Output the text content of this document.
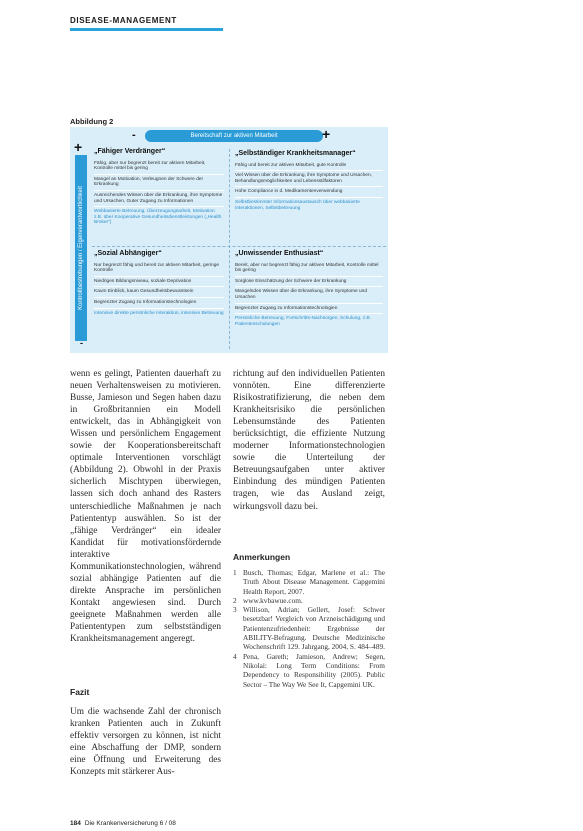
DISEASE-MANAGEMENT
Abbildung 2
-	Bereitschaft zur aktiven Mitarbeit	+
+
Kontrollbestrebungen / Eigenverantwortlichkeit
-
„Fähiger Verdränger“
Fähig, aber nur begrenzt bereit zur aktiven Mitarbeit, Kontrolle mittel bis gering
Mangel an Motivation, Verleugnen der Schwere der Erkrankung
Ausreichendes Wissen über die Erkrankung, ihre Symptome und Ursachen, Guter Zugang zu Informationen
Webbasierte Betreuung, Überzeugungsarbeit, Motivation z.B. über Kooperative Gesundheitsdienstleistungen („Health Broker“)
„Selbständiger Krankheitsmanager“
Fähig und bereit zur aktiven Mitarbeit, gute Kontrolle
Viel Wissen über die Erkrankung, ihre Symptome und Ursachen, Behandlungsmöglichkeiten und Lebensstilfaktoren
Hohe Compliance in d. Medikamentenverwendung
Selbstbestimmter Informationsaustausch über webbasierte Interaktionen, Selbstbetreuung
„Sozial Abhängiger“
Nur begrenzt fähig und bereit zur aktiven Mitarbeit, geringe Kontrolle
Niedriges Bildungsniveau, soziale Deprivation
Kaum Einblick, kaum Gesundheitsbewusstsein
Begrenzter Zugang zu Informationstechnologien
Intensive direkte persönliche Interaktion, intensive Betreuung
„Unwissender Enthusiast“
Bereit, aber nur begrenzt fähig zur aktiven Mitarbeit, Kontrolle mittel bis gering
Sorglose Einschätzung der Schwere der Erkrankung
Mangelndes Wissen über die Erkrankung, ihre Symptome und Ursachen
Begrenzter Zugang zu Informationstechnologien
Persönliche Betreuung, Fortschritts-Nachsorgen, Schulung, z.B. Patientenschulungen

wenn es gelingt, Patienten dauerhaft zu neuen Verhaltensweisen zu motivieren. Busse, Jamieson und Segen haben dazu in Großbritannien ein Modell entwickelt, das in Abhängigkeit von Wissen und persönlichem Engagement sowie der Kooperationsbereitschaft optimale Interventionen vorschlägt (Abbildung 2). Obwohl in der Praxis sicherlich Mischtypen überwiegen, lassen sich doch anhand des Rasters unterschiedliche Maßnahmen je nach Patiententyp auswählen. So ist der „fähige Verdränger“ ein idealer Kandidat für motivationsfördernde interaktive Kommunikationstechnologien, während sozial abhängige Patienten auf die direkte Ansprache im persönlichen Kontakt angewiesen sind. Durch geeignete Maßnahmen werden alle Patiententypen zum selbstständigen Krankheitsmanagement angeregt.

Fazit

Um die wachsende Zahl der chronisch kranken Patienten auch in Zukunft effektiv versorgen zu können, ist nicht eine Abschaffung der DMP, sondern eine Öffnung und Erweiterung des Konzepts mit stärkerer Aus-

richtung auf den individuellen Patienten vonnöten. Eine differenzierte Risikostratifizierung, die neben dem Krankheitsrisiko die persönlichen Lebensumstände des Patienten berücksichtigt, die effiziente Nutzung moderner Informationstechnologien sowie die Unterteilung der Betreuungsaufgaben unter aktiver Einbindung des mündigen Patienten tragen, wie das Ausland zeigt, wirkungsvoll dazu bei.

Anmerkungen
1 Busch, Thomas; Edgar, Marlene et al.: The Truth About Disease Management. Capgemini Health Report, 2007.
2 www.kvbawue.com.
3 Willison, Adrian; Gellert, Josef: Schwer besetzbar! Vergleich von Arzneischädigung und Patientenzufriedenheit: Ergebnisse der ABILITY-Befragung. Deutsche Medizinische Wochenschrift 129. Jahrgang, 2004, S. 484–489.
4 Pena, Gareth; Jamieson, Andrew; Segen, Nikolai: Long Term Conditions: From Dependency to Responsibility (2005). Public Sector – The Way We See It, Capgemini UK.
184 Die Krankenversicherung 6 / 08
